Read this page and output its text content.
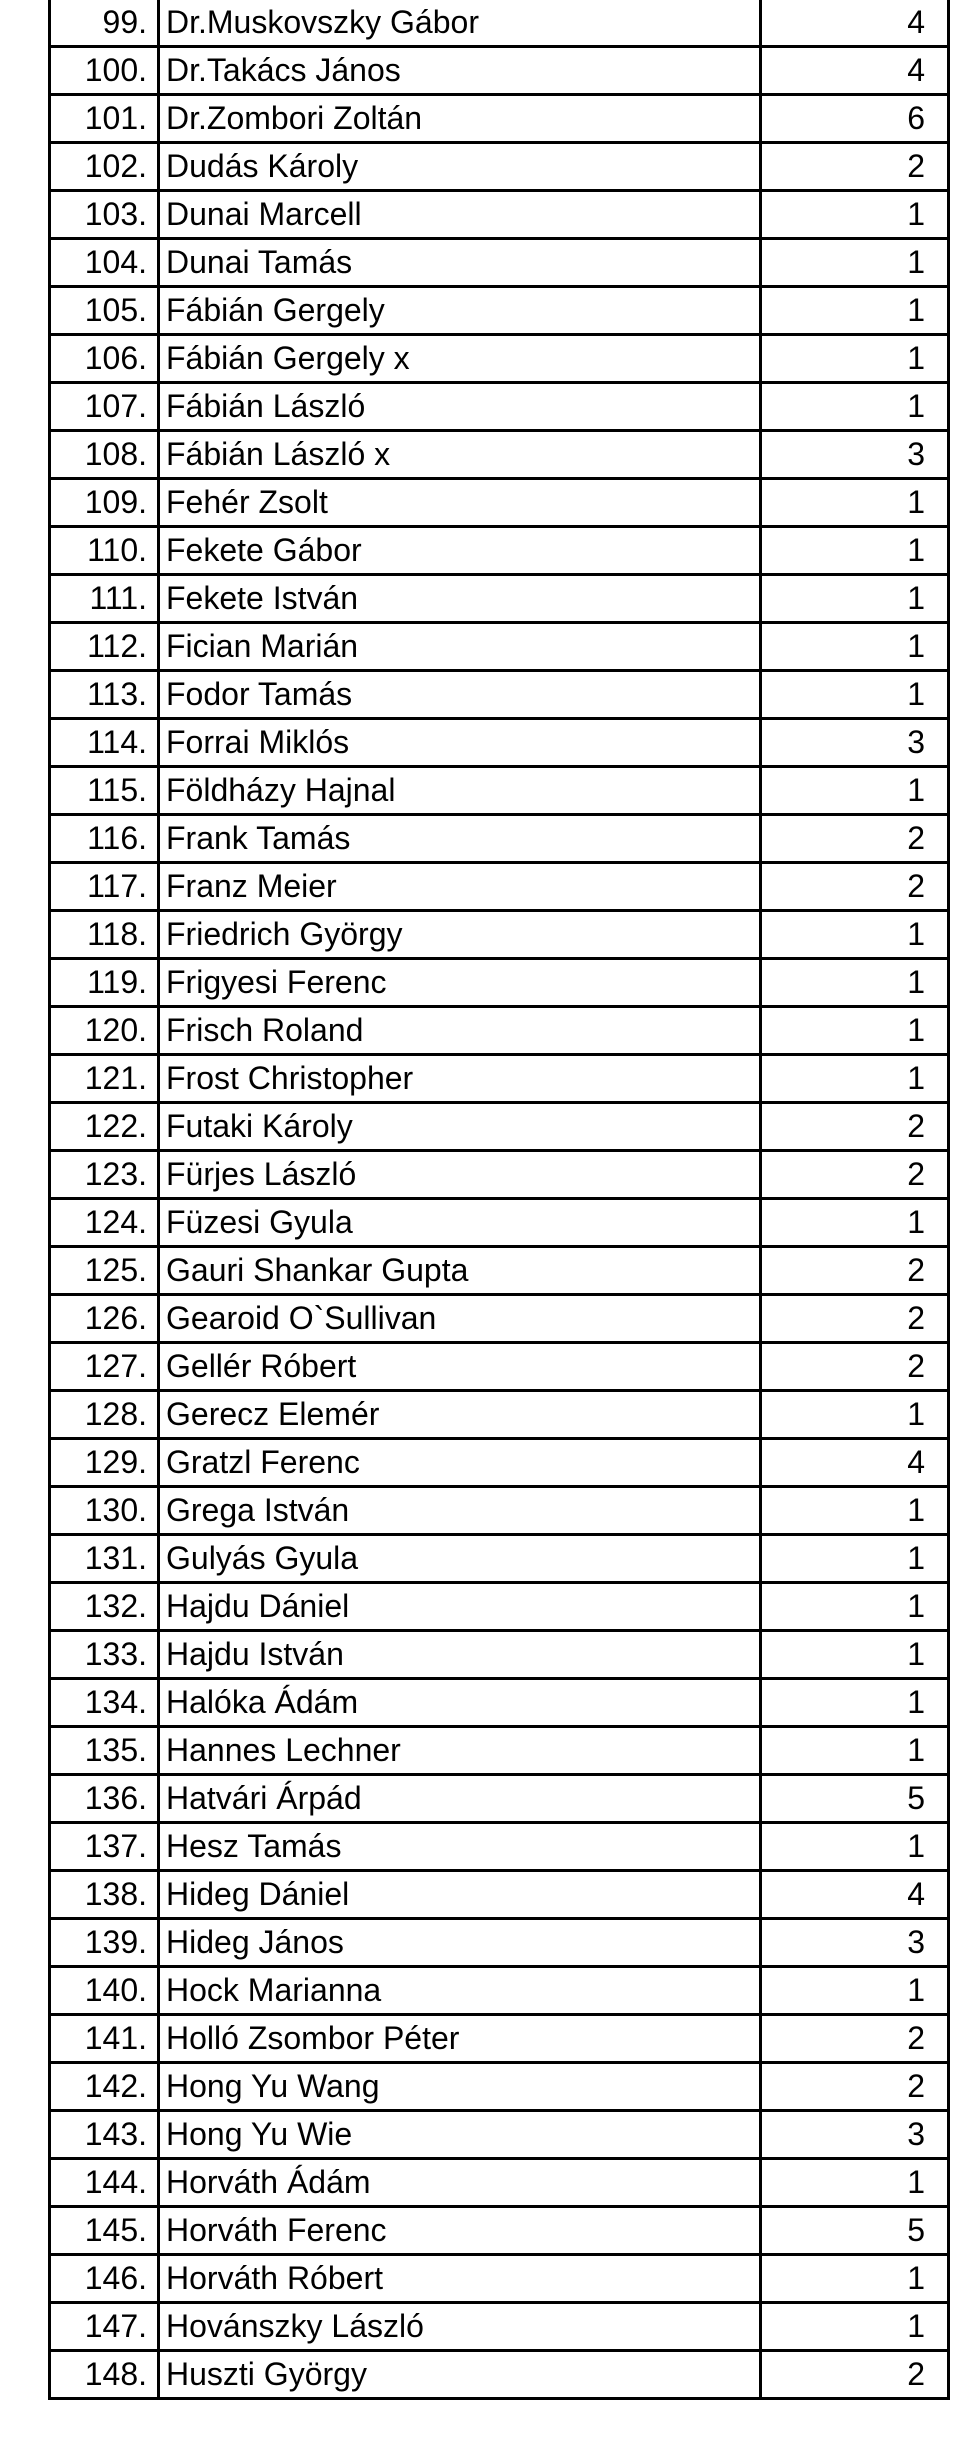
99.	Dr.Muskovszky Gábor	4
100.	Dr.Takács János	4
101.	Dr.Zombori Zoltán	6
102.	Dudás Károly	2
103.	Dunai Marcell	1
104.	Dunai Tamás	1
105.	Fábián Gergely	1
106.	Fábián Gergely x	1
107.	Fábián László	1
108.	Fábián László x	3
109.	Fehér Zsolt	1
110.	Fekete Gábor	1
111.	Fekete István	1
112.	Fician Marián	1
113.	Fodor Tamás	1
114.	Forrai Miklós	3
115.	Földházy Hajnal	1
116.	Frank Tamás	2
117.	Franz Meier	2
118.	Friedrich György	1
119.	Frigyesi Ferenc	1
120.	Frisch Roland	1
121.	Frost Christopher	1
122.	Futaki Károly	2
123.	Fürjes László	2
124.	Füzesi Gyula	1
125.	Gauri Shankar Gupta	2
126.	Gearoid O`Sullivan	2
127.	Gellér Róbert	2
128.	Gerecz Elemér	1
129.	Gratzl Ferenc	4
130.	Grega István	1
131.	Gulyás Gyula	1
132.	Hajdu Dániel	1
133.	Hajdu István	1
134.	Halóka Ádám	1
135.	Hannes Lechner	1
136.	Hatvári Árpád	5
137.	Hesz Tamás	1
138.	Hideg Dániel	4
139.	Hideg János	3
140.	Hock Marianna	1
141.	Holló Zsombor Péter	2
142.	Hong Yu Wang	2
143.	Hong Yu Wie	3
144.	Horváth Ádám	1
145.	Horváth Ferenc	5
146.	Horváth Róbert	1
147.	Hovánszky László	1
148.	Huszti György	2
